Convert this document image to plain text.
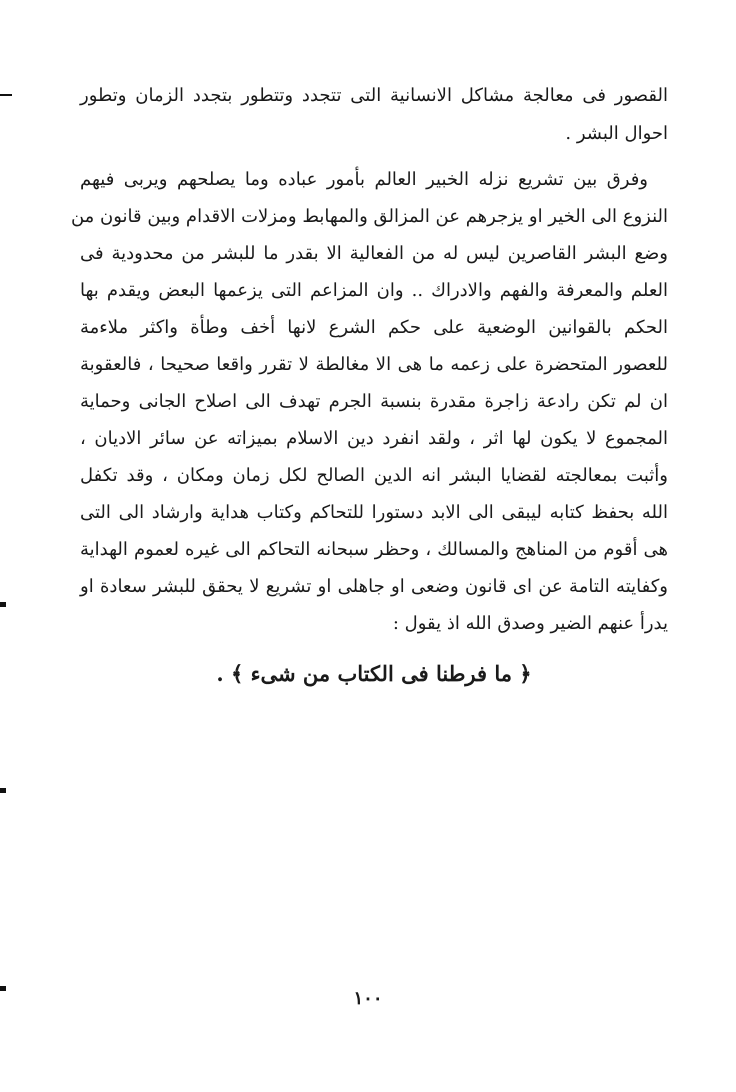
القصور فى معالجة مشاكل الانسانية التى تتجدد وتتطور بتجدد الزمان وتطور
احوال البشر .
وفرق بين تشريع نزله الخبير العالم بأمور عباده وما يصلحهم ويربى فيهم
النزوع الى الخير او يزجرهم عن المزالق والمهابط ومزلات الاقدام وبين قانون من
وضع البشر القاصرين ليس له من الفعالية الا بقدر ما للبشر من محدودية فى
العلم والمعرفة والفهم والادراك .. وان المزاعم التى يزعمها البعض ويقدم بها
الحكم بالقوانين الوضعية على حكم الشرع لانها أخف وطأة واكثر ملاءمة
للعصور المتحضرة على زعمه ما هى الا مغالطة لا تقرر واقعا صحيحا ، فالعقوبة
ان لم تكن رادعة زاجرة مقدرة بنسبة الجرم تهدف الى اصلاح الجانى وحماية
المجموع لا يكون لها اثر ، ولقد انفرد دين الاسلام بميزاته عن سائر الاديان ،
وأثبت بمعالجته لقضايا البشر انه الدين الصالح لكل زمان ومكان ، وقد تكفل
الله بحفظ كتابه ليبقى الى الابد دستورا للتحاكم وكتاب هداية وارشاد الى التى
هى أقوم من المناهج والمسالك ، وحظر سبحانه التحاكم الى غيره لعموم الهداية
وكفايته التامة عن اى قانون وضعى او جاهلى او تشريع لا يحقق للبشر سعادة او
يدرأ عنهم الضير وصدق الله اذ يقول :
﴿ ما فرطنا فى الكتاب من شىء ﴾ .
١٠٠
